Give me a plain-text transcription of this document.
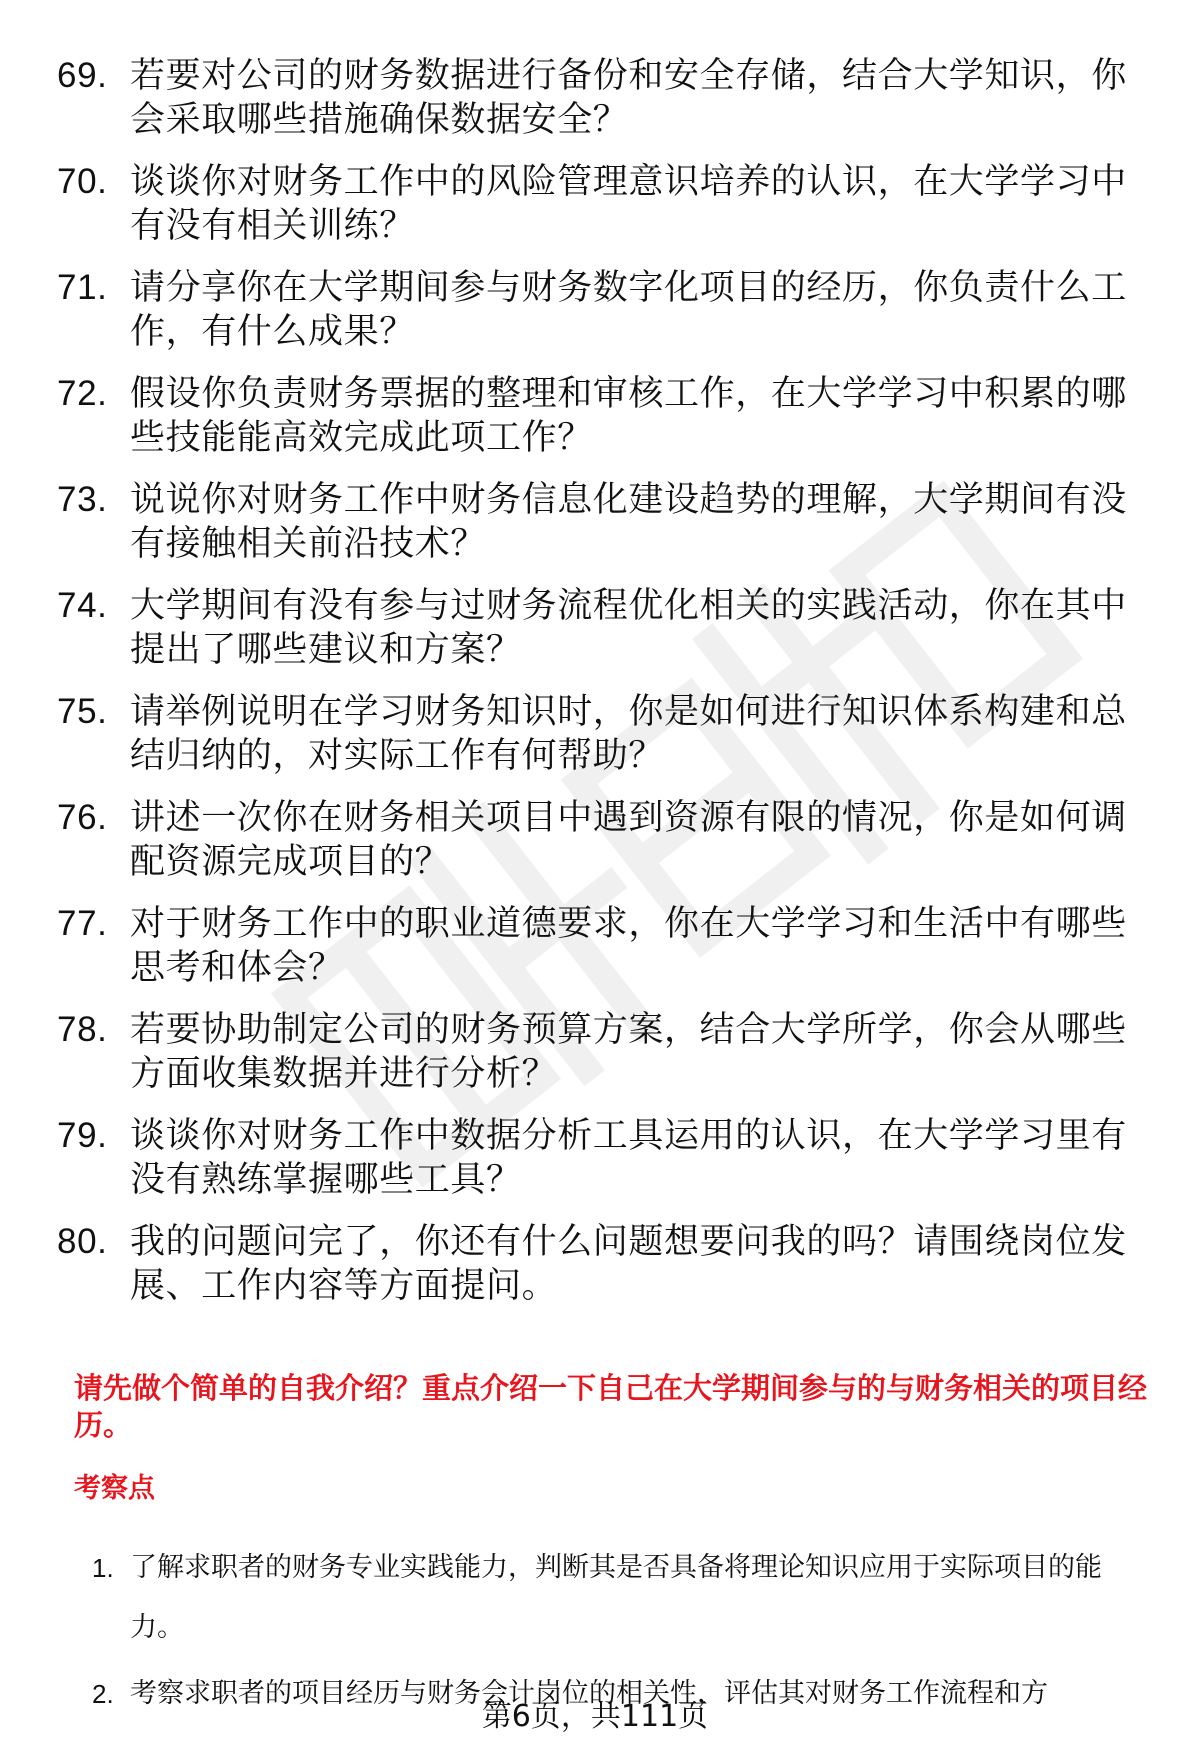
69. 若要对公司的财务数据进行备份和安全存储，结合大学知识，你会采取哪些措施确保数据安全？
70. 谈谈你对财务工作中的风险管理意识培养的认识，在大学学习中有没有相关训练？
71. 请分享你在大学期间参与财务数字化项目的经历，你负责什么工作，有什么成果？
72. 假设你负责财务票据的整理和审核工作，在大学学习中积累的哪些技能能高效完成此项工作？
73. 说说你对财务工作中财务信息化建设趋势的理解，大学期间有没有接触相关前沿技术？
74. 大学期间有没有参与过财务流程优化相关的实践活动，你在其中提出了哪些建议和方案？
75. 请举例说明在学习财务知识时，你是如何进行知识体系构建和总结归纳的，对实际工作有何帮助？
76. 讲述一次你在财务相关项目中遇到资源有限的情况，你是如何调配资源完成项目的？
77. 对于财务工作中的职业道德要求，你在大学学习和生活中有哪些思考和体会？
78. 若要协助制定公司的财务预算方案，结合大学所学，你会从哪些方面收集数据并进行分析？
79. 谈谈你对财务工作中数据分析工具运用的认识，在大学学习里有没有熟练掌握哪些工具？
80. 我的问题问完了，你还有什么问题想要问我的吗？请围绕岗位发展、工作内容等方面提问。
请先做个简单的自我介绍？重点介绍一下自己在大学期间参与的与财务相关的项目经历。
考察点
1. 了解求职者的财务专业实践能力，判断其是否具备将理论知识应用于实际项目的能力。
2. 考察求职者的项目经历与财务会计岗位的相关性，评估其对财务工作流程和方
第6页，共111页
